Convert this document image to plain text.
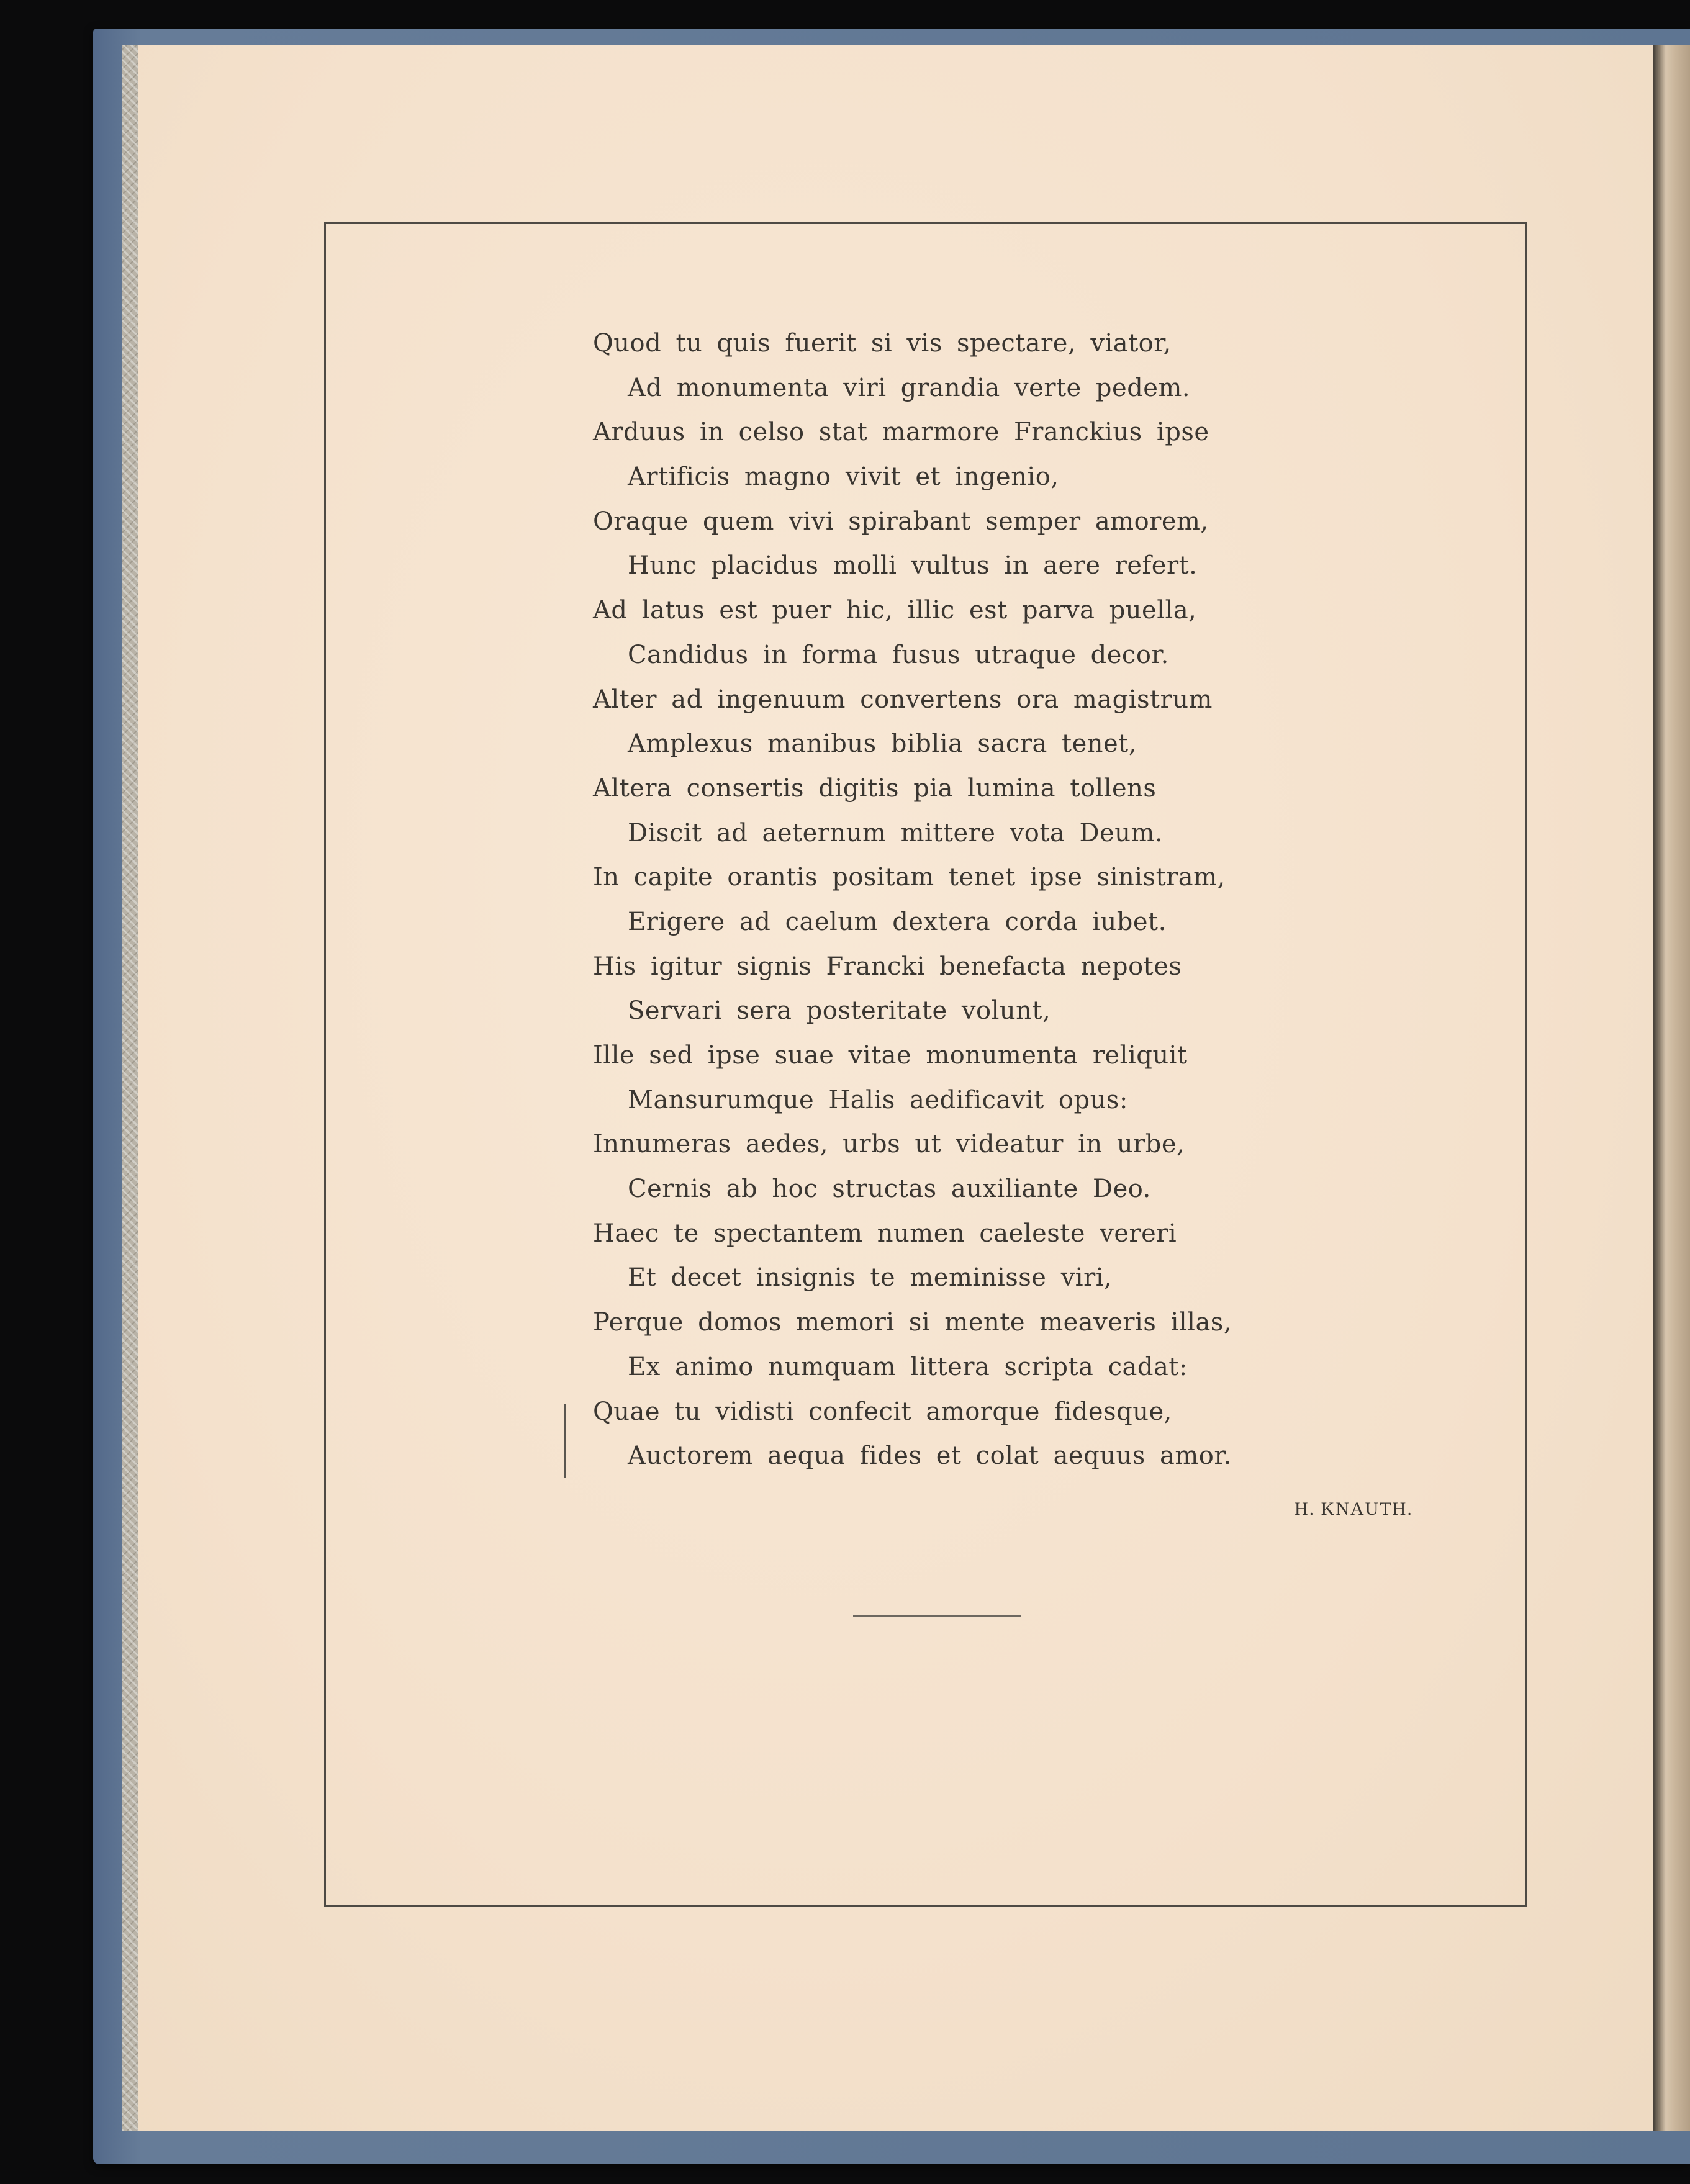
Quod tu quis fuerit si vis spectare, viator,
Ad monumenta viri grandia verte pedem.
Arduus in celso stat marmore Franckius ipse
Artificis magno vivit et ingenio,
Oraque quem vivi spirabant semper amorem,
Hunc placidus molli vultus in aere refert.
Ad latus est puer hic, illic est parva puella,
Candidus in forma fusus utraque decor.
Alter ad ingenuum convertens ora magistrum
Amplexus manibus biblia sacra tenet,
Altera consertis digitis pia lumina tollens
Discit ad aeternum mittere vota Deum.
In capite orantis positam tenet ipse sinistram,
Erigere ad caelum dextera corda iubet.
His igitur signis Francki benefacta nepotes
Servari sera posteritate volunt,
Ille sed ipse suae vitae monumenta reliquit
Mansurumque Halis aedificavit opus:
Innumeras aedes, urbs ut videatur in urbe,
Cernis ab hoc structas auxiliante Deo.
Haec te spectantem numen caeleste vereri
Et decet insignis te meminisse viri,
Perque domos memori si mente meaveris illas,
Ex animo numquam littera scripta cadat:
Quae tu vidisti confecit amorque fidesque,
Auctorem aequa fides et colat aequus amor.
H. KNAUTH.
